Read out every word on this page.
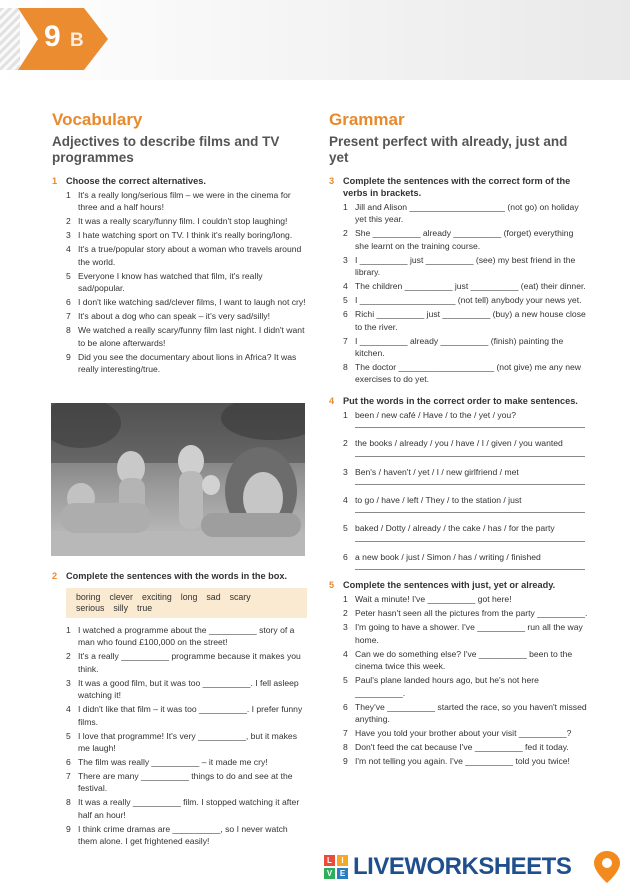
9 B
Vocabulary
Adjectives to describe films and TV programmes
1 Choose the correct alternatives.
1 It's a really long/serious film – we were in the cinema for three and a half hours!
2 It was a really scary/funny film. I couldn't stop laughing!
3 I hate watching sport on TV. I think it's really boring/long.
4 It's a true/popular story about a woman who travels around the world.
5 Everyone I know has watched that film, it's really sad/popular.
6 I don't like watching sad/clever films, I want to laugh not cry!
7 It's about a dog who can speak – it's very sad/silly!
8 We watched a really scary/funny film last night. I didn't want to be alone afterwards!
9 Did you see the documentary about lions in Africa? It was really interesting/true.
2 Complete the sentences with the words in the box.
boring clever exciting long sad scary
serious silly true
1 I watched a programme about the __________ story of a man who found £100,000 on the street!
2 It's a really __________ programme because it makes you think.
3 It was a good film, but it was too __________. I fell asleep watching it!
4 I didn't like that film – it was too __________. I prefer funny films.
5 I love that programme! It's very __________, but it makes me laugh!
6 The film was really __________ – it made me cry!
7 There are many __________ things to do and see at the festival.
8 It was a really __________ film. I stopped watching it after half an hour!
9 I think crime dramas are __________, so I never watch them alone. I get frightened easily!
Grammar
Present perfect with already, just and yet
3 Complete the sentences with the correct form of the verbs in brackets.
1 Jill and Alison ____________________ (not go) on holiday yet this year.
2 She __________ already __________ (forget) everything she learnt on the training course.
3 I __________ just __________ (see) my best friend in the library.
4 The children __________ just __________ (eat) their dinner.
5 I ____________________ (not tell) anybody your news yet.
6 Richi __________ just __________ (buy) a new house close to the river.
7 I __________ already __________ (finish) painting the kitchen.
8 The doctor ____________________ (not give) me any new exercises to do yet.
4 Put the words in the correct order to make sentences.
1 been / new café / Have / to the / yet / you?
2 the books / already / you / have / I / given / you wanted
3 Ben's / haven't / yet / I / new girlfriend / met
4 to go / have / left / They / to the station / just
5 baked / Dotty / already / the cake / has / for the party
6 a new book / just / Simon / has / writing / finished
5 Complete the sentences with just, yet or already.
1 Wait a minute! I've __________ got here!
2 Peter hasn't seen all the pictures from the party __________.
3 I'm going to have a shower. I've __________ run all the way home.
4 Can we do something else? I've __________ been to the cinema twice this week.
5 Paul's plane landed hours ago, but he's not here __________.
6 They've __________ started the race, so you haven't missed anything.
7 Have you told your brother about your visit __________?
8 Don't feed the cat because I've __________ fed it today.
9 I'm not telling you again. I've __________ told you twice!
L	I
V E LIVEWORKSHEETS
